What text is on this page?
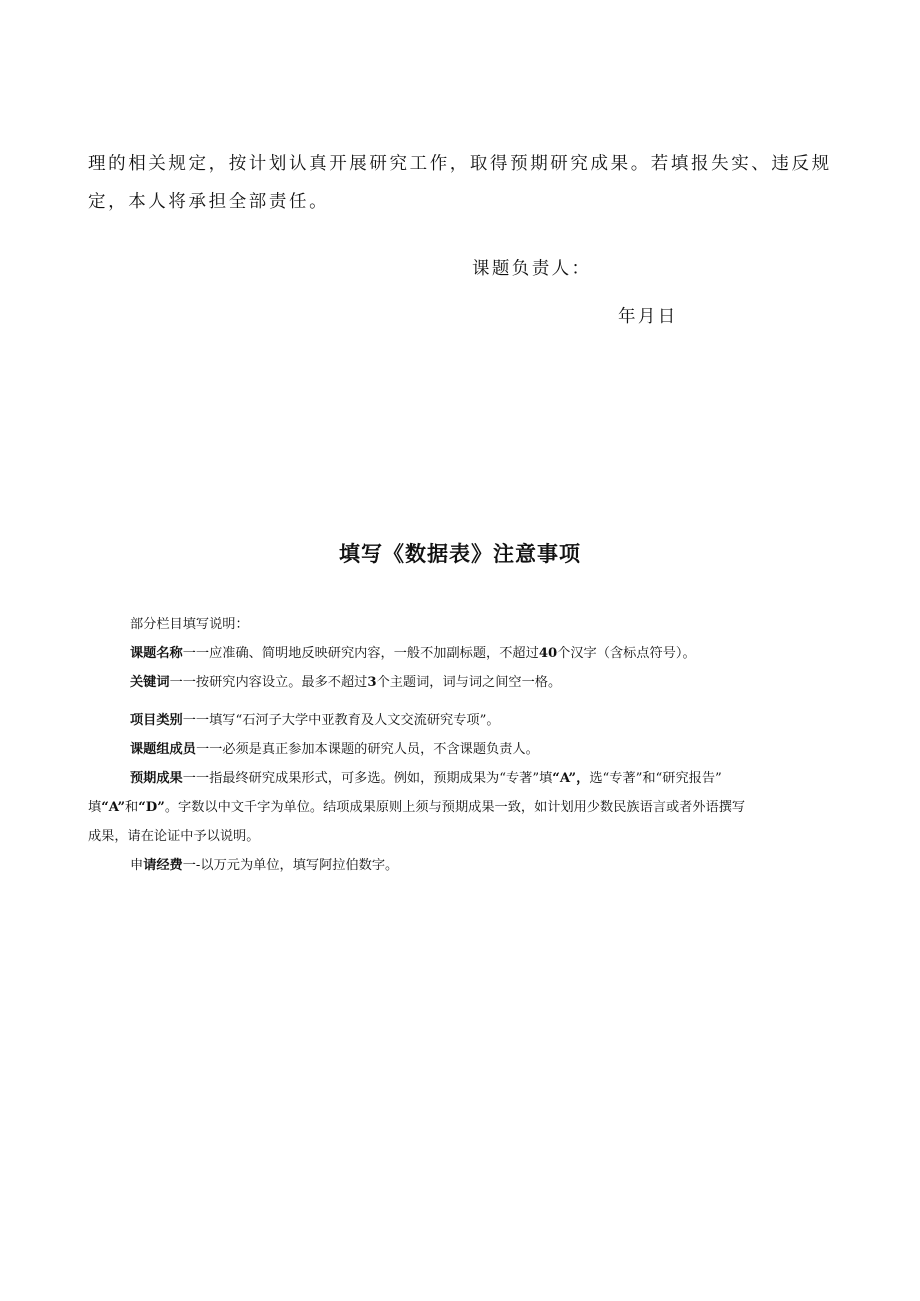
理的相关规定，按计划认真开展研究工作，取得预期研究成果。若填报失实、违反规
定，本人将承担全部责任。
课题负责人：
年月日
填写《数据表》注意事项

部分栏目填写说明：

课题名称一一应准确、简明地反映研究内容，一般不加副标题，不超过40个汉字（含标点符号）。

关键词一一按研究内容设立。最多不超过3个主题词，词与词之间空一格。

项目类别一一填写“石河子大学中亚教育及人文交流研究专项”。

课题组成员一一必须是真正参加本课题的研究人员，不含课题负责人。

预期成果一一指最终研究成果形式，可多选。例如，预期成果为“专著”填“A”，选“专著”和“研究报告”

填“A”和“D”。字数以中文千字为单位。结项成果原则上须与预期成果一致，如计划用少数民族语言或者外语撰写

成果，请在论证中予以说明。

申请经费一-以万元为单位，填写阿拉伯数字。
